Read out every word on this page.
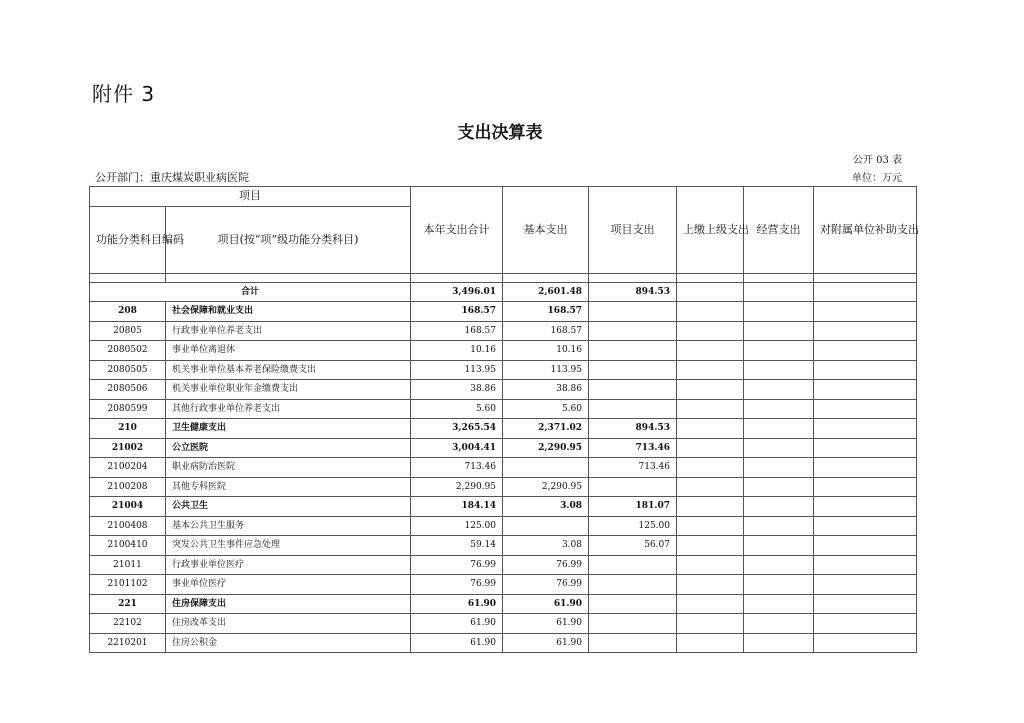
附件 3
支出决算表
公开 03 表
公开部门：重庆煤炭职业病医院	单位：万元
项目		本年支出合计	基本支出	项目支出	上缴上级支出	经营支出	对附属单位补助支出
功能分类科目编码	项目(按“项”级功能分类科目)						

合计		3,496.01	2,601.48	894.53			
208	社会保障和就业支出	168.57	168.57				
20805	行政事业单位养老支出	168.57	168.57				
2080502	事业单位离退休	10.16	10.16				
2080505	机关事业单位基本养老保险缴费支出	113.95	113.95				
2080506	机关事业单位职业年金缴费支出	38.86	38.86				
2080599	其他行政事业单位养老支出	5.60	5.60				
210	卫生健康支出	3,265.54	2,371.02	894.53			
21002	公立医院	3,004.41	2,290.95	713.46			
2100204	职业病防治医院	713.46		713.46			
2100208	其他专科医院	2,290.95	2,290.95				
21004	公共卫生	184.14	3.08	181.07			
2100408	基本公共卫生服务	125.00		125.00			
2100410	突发公共卫生事件应急处理	59.14	3.08	56.07			
21011	行政事业单位医疗	76.99	76.99				
2101102	事业单位医疗	76.99	76.99				
221	住房保障支出	61.90	61.90				
22102	住房改革支出	61.90	61.90				
2210201	住房公积金	61.90	61.90				
